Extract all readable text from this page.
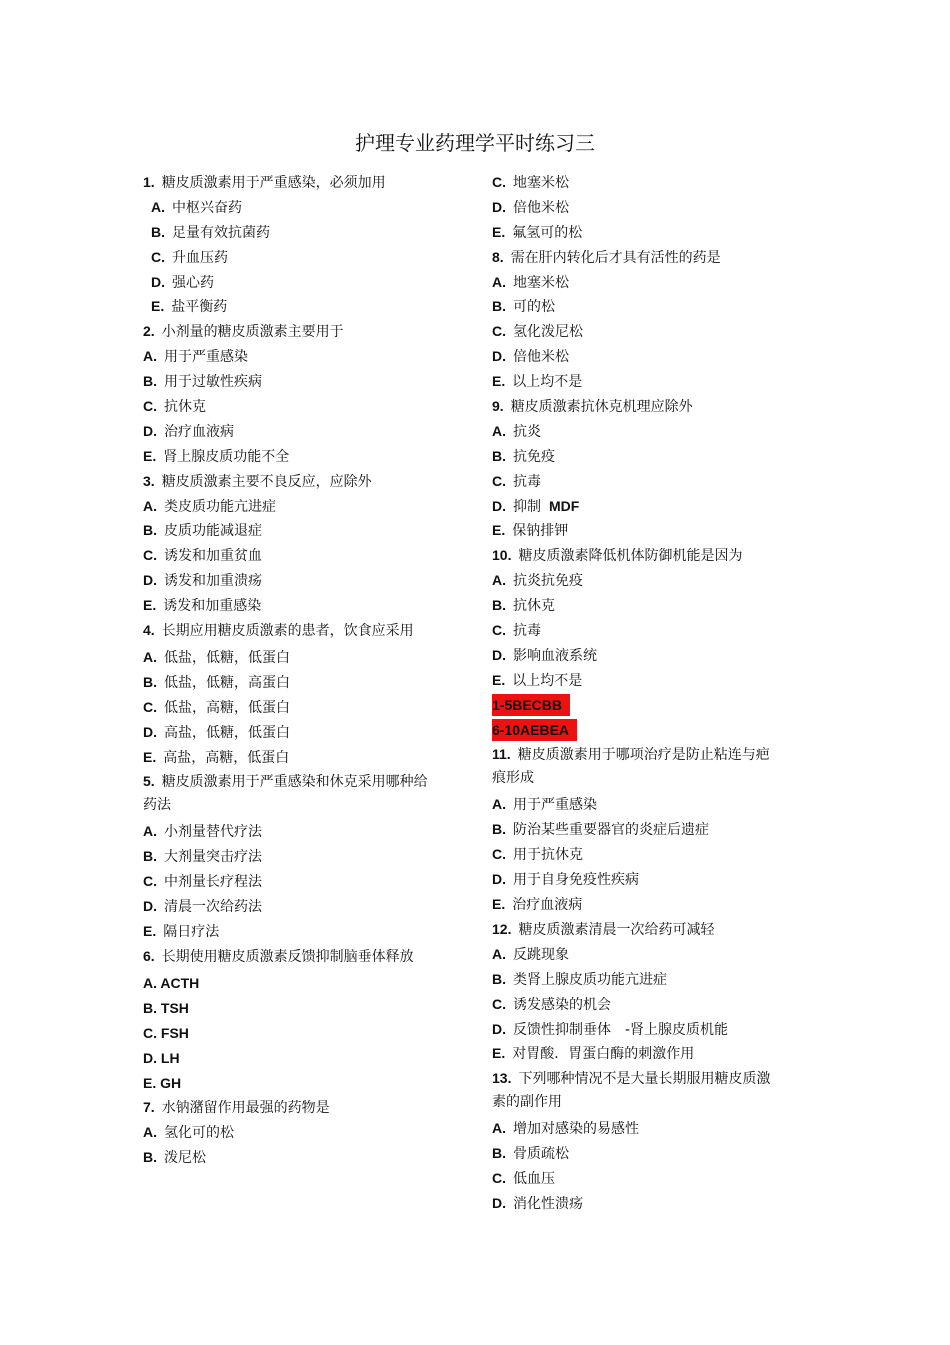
护理专业药理学平时练习三
1. 糖皮质激素用于严重感染，必须加用
A. 中枢兴奋药
B. 足量有效抗菌药
C. 升血压药
D. 强心药
E. 盐平衡药
2. 小剂量的糖皮质激素主要用于
A. 用于严重感染
B. 用于过敏性疾病
C. 抗休克
D. 治疗血液病
E. 肾上腺皮质功能不全
3. 糖皮质激素主要不良反应，应除外
A. 类皮质功能亢进症
B. 皮质功能减退症
C. 诱发和加重贫血
D. 诱发和加重溃疡
E. 诱发和加重感染
4. 长期应用糖皮质激素的患者，饮食应采用
A. 低盐，低糖，低蛋白
B. 低盐，低糖，高蛋白
C. 低盐，高糖，低蛋白
D. 高盐，低糖，低蛋白
E. 高盐，高糖，低蛋白
5. 糖皮质激素用于严重感染和休克采用哪种给药法
A. 小剂量替代疗法
B. 大剂量突击疗法
C. 中剂量长疗程法
D. 清晨一次给药法
E. 隔日疗法
6. 长期使用糖皮质激素反馈抑制脑垂体释放
A. ACTH
B. TSH
C. FSH
D. LH
E. GH
7. 水钠潴留作用最强的药物是
A. 氢化可的松
B. 泼尼松
C. 地塞米松
D. 倍他米松
E. 氟氢可的松
8. 需在肝内转化后才具有活性的药是
A. 地塞米松
B. 可的松
C. 氢化泼尼松
D. 倍他米松
E. 以上均不是
9. 糖皮质激素抗休克机理应除外
A. 抗炎
B. 抗免疫
C. 抗毒
D. 抑制 MDF
E. 保钠排钾
10. 糖皮质激素降低机体防御机能是因为
A. 抗炎抗免疫
B. 抗休克
C. 抗毒
D. 影响血液系统
E. 以上均不是
1-5BECBB
6-10AEBEA
11. 糖皮质激素用于哪项治疗是防止粘连与疤痕形成
A. 用于严重感染
B. 防治某些重要器官的炎症后遗症
C. 用于抗休克
D. 用于自身免疫性疾病
E. 治疗血液病
12. 糖皮质激素清晨一次给药可减轻
A. 反跳现象
B. 类肾上腺皮质功能亢进症
C. 诱发感染的机会
D. 反馈性抑制垂体　-肾上腺皮质机能
E. 对胃酸．胃蛋白酶的刺激作用
13. 下列哪种情况不是大量长期服用糖皮质激素的副作用
A. 增加对感染的易感性
B. 骨质疏松
C. 低血压
D. 消化性溃疡
